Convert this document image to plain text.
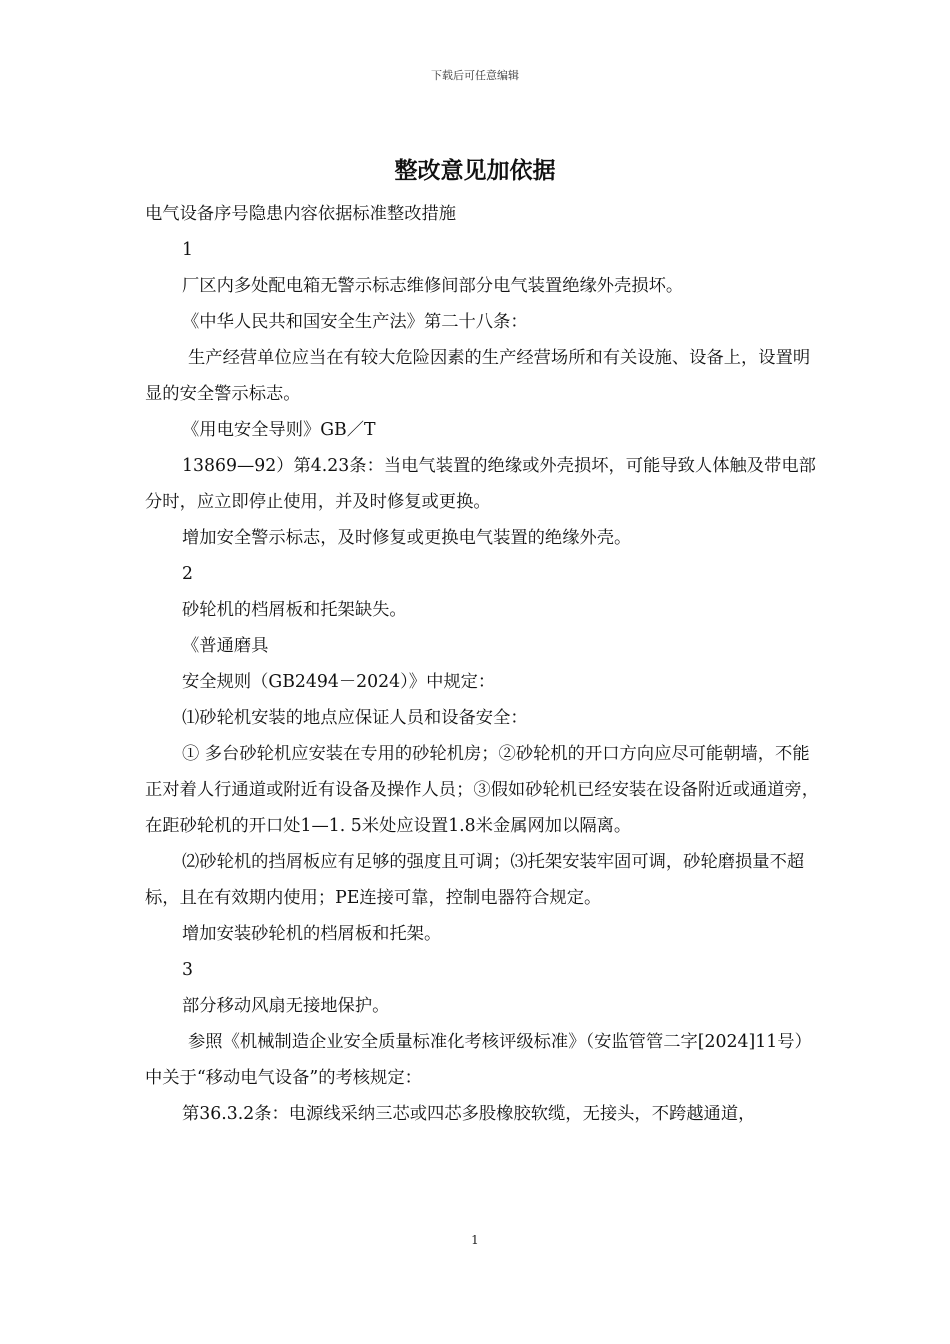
下载后可任意编辑
整改意见加依据

电气设备序号隐患内容依据标准整改措施

1

厂区内多处配电箱无警示标志维修间部分电气装置绝缘外壳损坏。

《中华人民共和国安全生产法》第二十八条：

生产经营单位应当在有较大危险因素的生产经营场所和有关设施、设备上，设置明显的安全警示标志。

《用电安全导则》GB／T

13869—92）第4.23条：当电气装置的绝缘或外壳损坏，可能导致人体触及带电部分时，应立即停止使用，并及时修复或更换。

增加安全警示标志，及时修复或更换电气装置的绝缘外壳。

2

砂轮机的档屑板和托架缺失。

《普通磨具

安全规则（GB2494－2024）》中规定：

⑴砂轮机安装的地点应保证人员和设备安全：

① 多台砂轮机应安装在专用的砂轮机房；②砂轮机的开口方向应尽可能朝墙，不能正对着人行通道或附近有设备及操作人员；③假如砂轮机已经安装在设备附近或通道旁，在距砂轮机的开口处1—1. 5米处应设置1.8米金属网加以隔离。

⑵砂轮机的挡屑板应有足够的强度且可调；⑶托架安装牢固可调，砂轮磨损量不超标，且在有效期内使用；PE连接可靠，控制电器符合规定。

增加安装砂轮机的档屑板和托架。

3

部分移动风扇无接地保护。

参照《机械制造企业安全质量标准化考核评级标准》（安监管管二字[2024]11号）中关于“移动电气设备”的考核规定：

第36.3.2条：电源线采纳三芯或四芯多股橡胶软缆，无接头，不跨越通道，

1
